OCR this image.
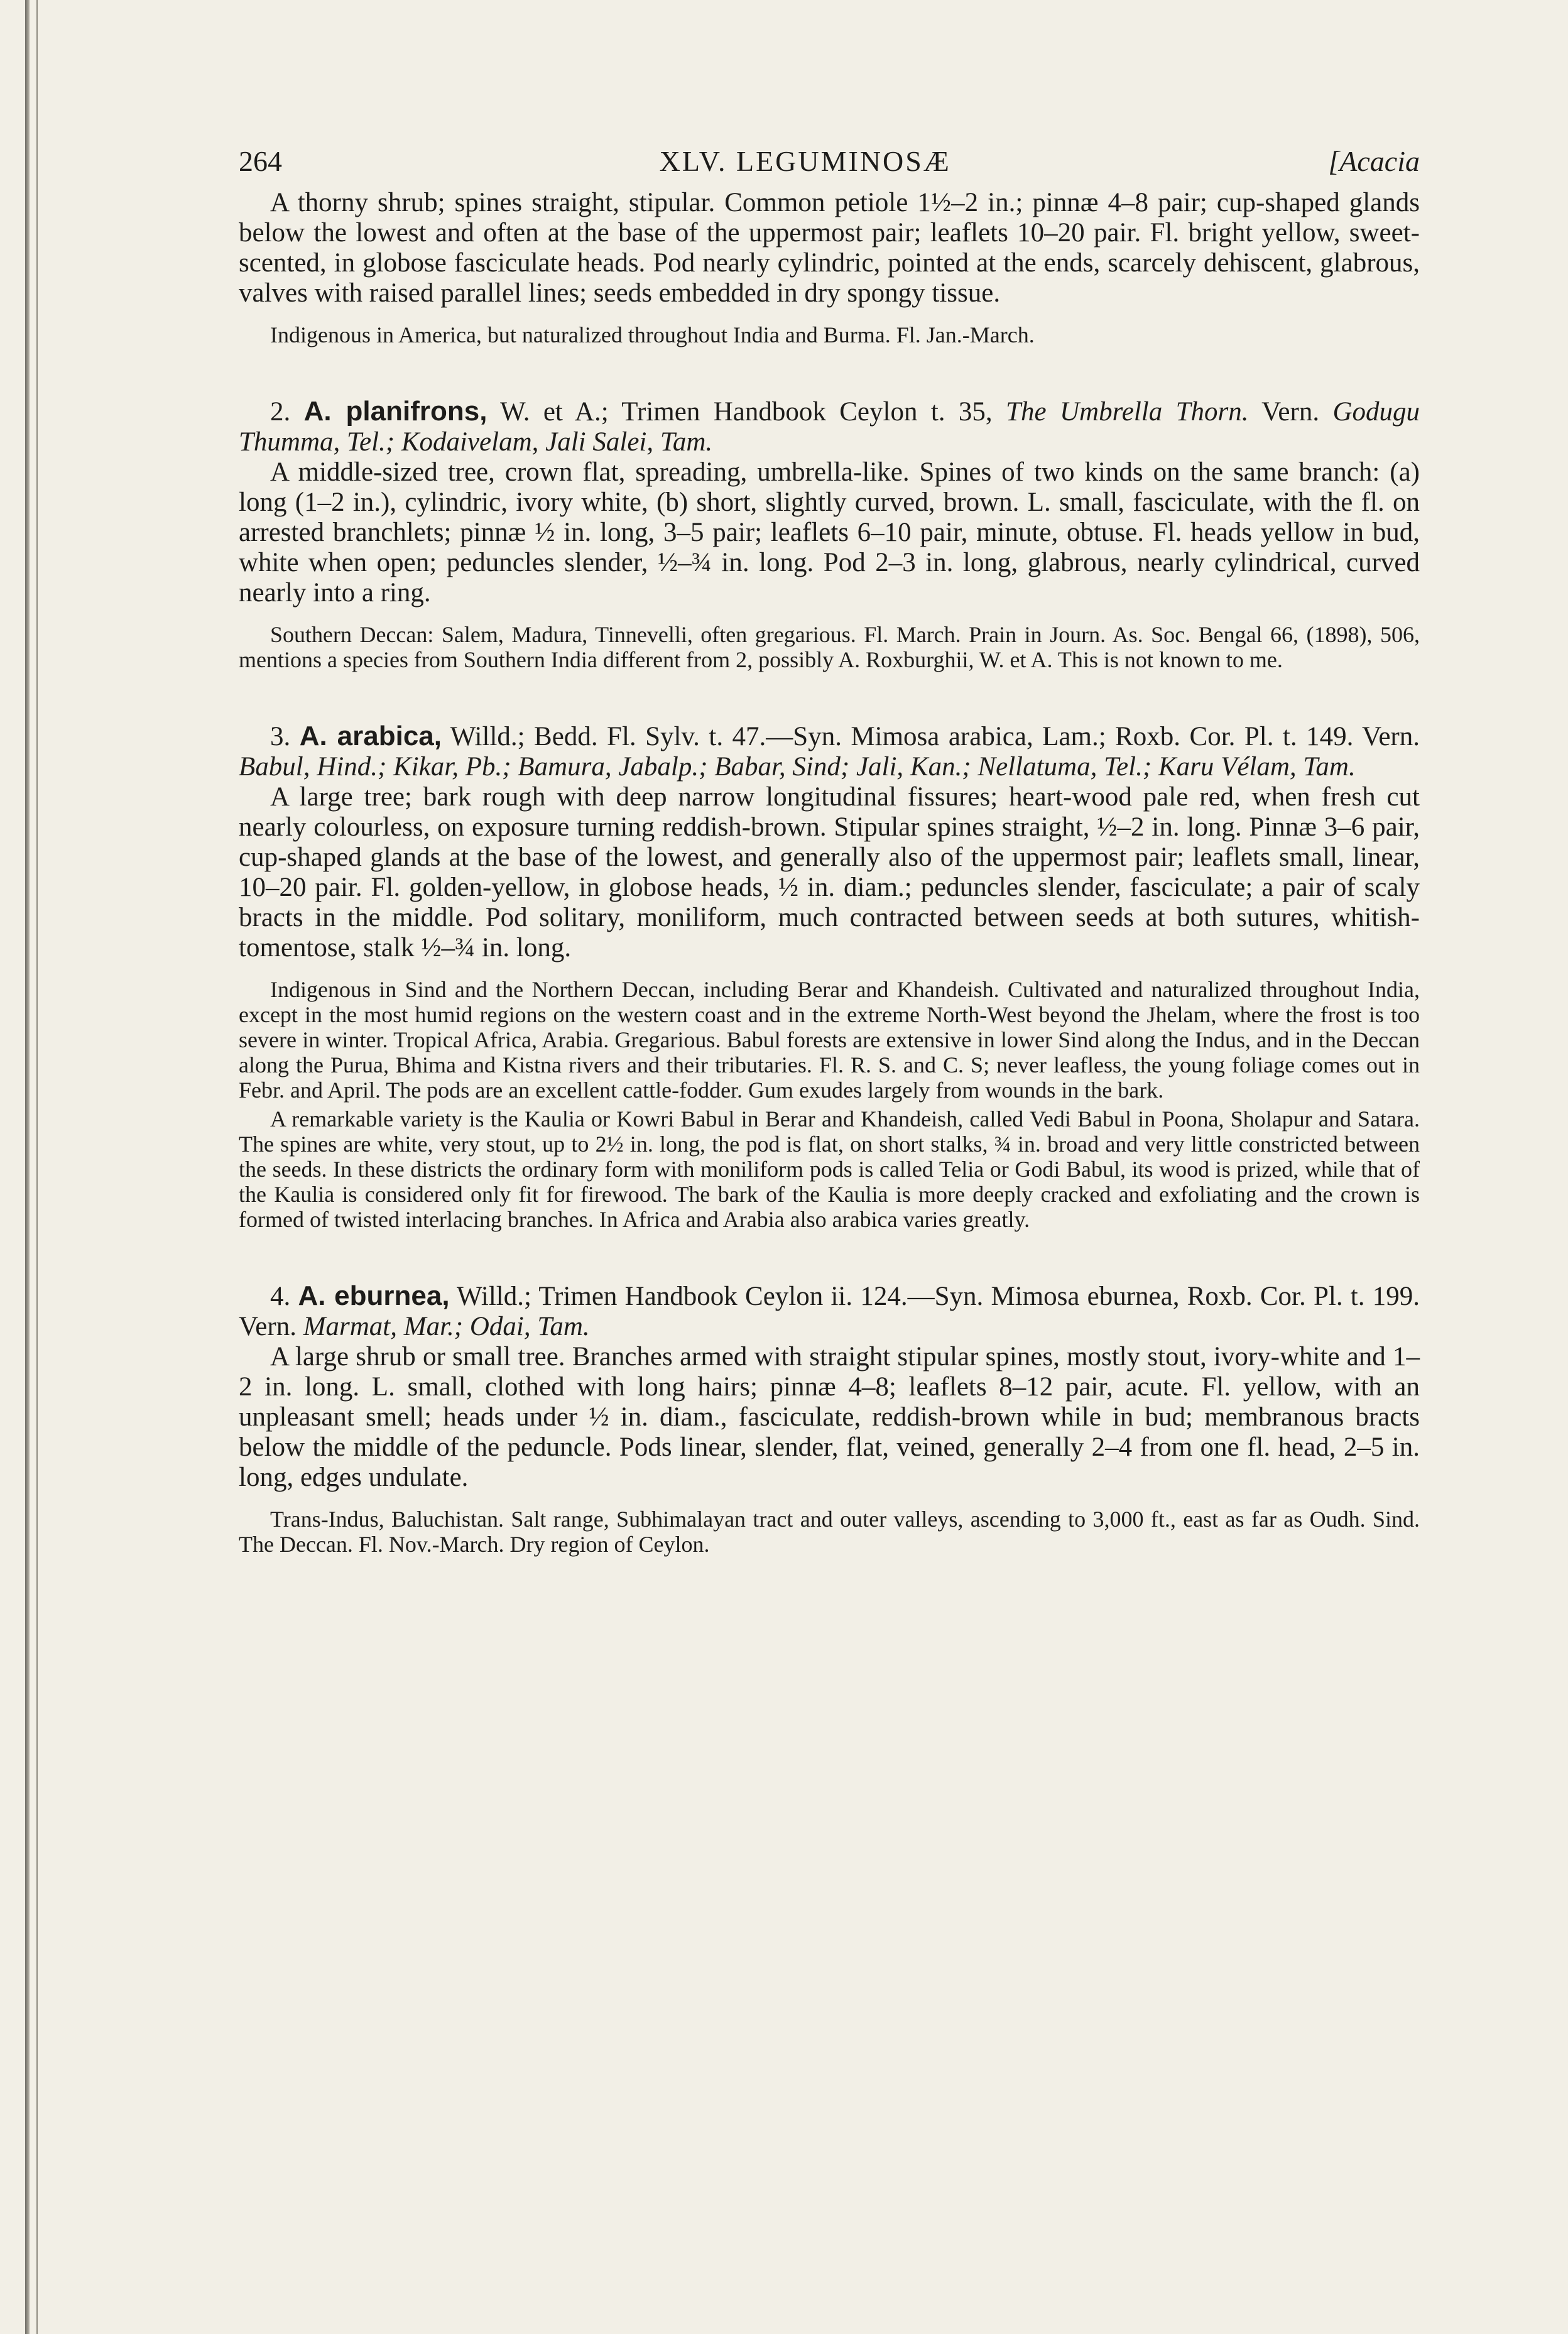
264	XLV. LEGUMINOSÆ	[Acacia

A thorny shrub; spines straight, stipular. Common petiole 1½–2 in.; pinnæ 4–8 pair; cup-shaped glands below the lowest and often at the base of the uppermost pair; leaflets 10–20 pair. Fl. bright yellow, sweet-scented, in globose fasciculate heads. Pod nearly cylindric, pointed at the ends, scarcely dehiscent, glabrous, valves with raised parallel lines; seeds embedded in dry spongy tissue.

Indigenous in America, but naturalized throughout India and Burma. Fl. Jan.-March.

2. A. planifrons, W. et A.; Trimen Handbook Ceylon t. 35, The Umbrella Thorn. Vern. Godugu Thumma, Tel.; Kodaivelam, Jali Salei, Tam.

A middle-sized tree, crown flat, spreading, umbrella-like. Spines of two kinds on the same branch: (a) long (1–2 in.), cylindric, ivory white, (b) short, slightly curved, brown. L. small, fasciculate, with the fl. on arrested branchlets; pinnæ ½ in. long, 3–5 pair; leaflets 6–10 pair, minute, obtuse. Fl. heads yellow in bud, white when open; peduncles slender, ½–¾ in. long. Pod 2–3 in. long, glabrous, nearly cylindrical, curved nearly into a ring.

Southern Deccan: Salem, Madura, Tinnevelli, often gregarious. Fl. March. Prain in Journ. As. Soc. Bengal 66, (1898), 506, mentions a species from Southern India different from 2, possibly A. Roxburghii, W. et A. This is not known to me.

3. A. arabica, Willd.; Bedd. Fl. Sylv. t. 47.—Syn. Mimosa arabica, Lam.; Roxb. Cor. Pl. t. 149. Vern. Babul, Hind.; Kikar, Pb.; Bamura, Jabalp.; Babar, Sind; Jali, Kan.; Nellatuma, Tel.; Karu Vélam, Tam.

A large tree; bark rough with deep narrow longitudinal fissures; heart-wood pale red, when fresh cut nearly colourless, on exposure turning reddish-brown. Stipular spines straight, ½–2 in. long. Pinnæ 3–6 pair, cup-shaped glands at the base of the lowest, and generally also of the uppermost pair; leaflets small, linear, 10–20 pair. Fl. golden-yellow, in globose heads, ½ in. diam.; peduncles slender, fasciculate; a pair of scaly bracts in the middle. Pod solitary, moniliform, much contracted between seeds at both sutures, whitish-tomentose, stalk ½–¾ in. long.

Indigenous in Sind and the Northern Deccan, including Berar and Khandeish. Cultivated and naturalized throughout India, except in the most humid regions on the western coast and in the extreme North-West beyond the Jhelam, where the frost is too severe in winter. Tropical Africa, Arabia. Gregarious. Babul forests are extensive in lower Sind along the Indus, and in the Deccan along the Purua, Bhima and Kistna rivers and their tributaries. Fl. R. S. and C. S; never leafless, the young foliage comes out in Febr. and April. The pods are an excellent cattle-fodder. Gum exudes largely from wounds in the bark.

A remarkable variety is the Kaulia or Kowri Babul in Berar and Khandeish, called Vedi Babul in Poona, Sholapur and Satara. The spines are white, very stout, up to 2½ in. long, the pod is flat, on short stalks, ¾ in. broad and very little constricted between the seeds. In these districts the ordinary form with moniliform pods is called Telia or Godi Babul, its wood is prized, while that of the Kaulia is considered only fit for firewood. The bark of the Kaulia is more deeply cracked and exfoliating and the crown is formed of twisted interlacing branches. In Africa and Arabia also arabica varies greatly.

4. A. eburnea, Willd.; Trimen Handbook Ceylon ii. 124.—Syn. Mimosa eburnea, Roxb. Cor. Pl. t. 199. Vern. Marmat, Mar.; Odai, Tam.

A large shrub or small tree. Branches armed with straight stipular spines, mostly stout, ivory-white and 1–2 in. long. L. small, clothed with long hairs; pinnæ 4–8; leaflets 8–12 pair, acute. Fl. yellow, with an unpleasant smell; heads under ½ in. diam., fasciculate, reddish-brown while in bud; membranous bracts below the middle of the peduncle. Pods linear, slender, flat, veined, generally 2–4 from one fl. head, 2–5 in. long, edges undulate.

Trans-Indus, Baluchistan. Salt range, Subhimalayan tract and outer valleys, ascending to 3,000 ft., east as far as Oudh. Sind. The Deccan. Fl. Nov.-March. Dry region of Ceylon.
